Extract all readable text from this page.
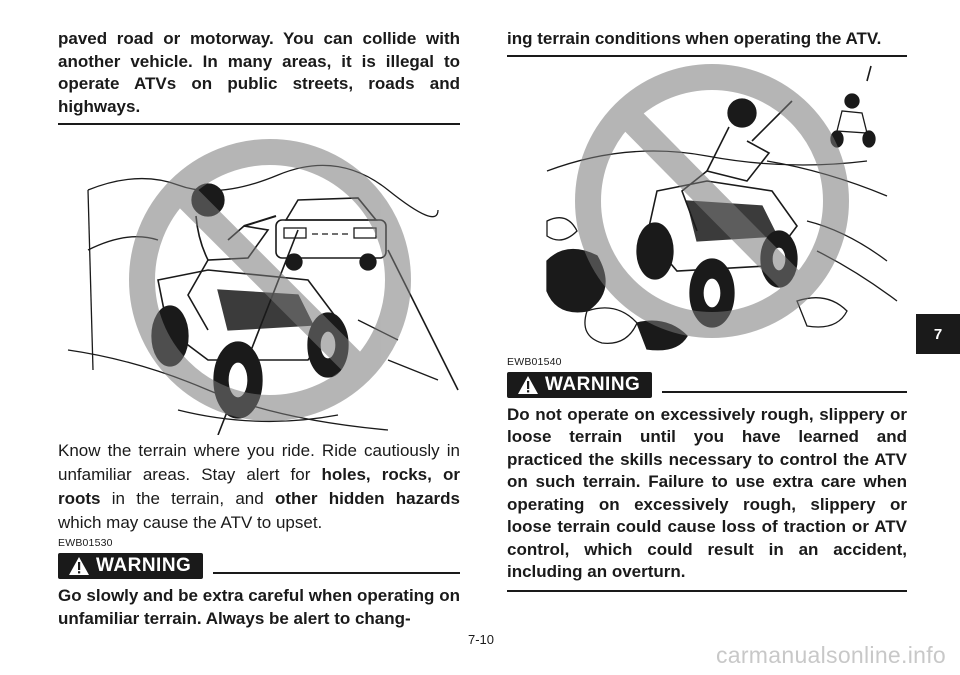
paved road or motorway. You can collide with another vehicle. In many areas, it is illegal to operate ATVs on public streets, roads and highways.

Know the terrain where you ride. Ride cautiously in unfamiliar areas. Stay alert for holes, rocks, or roots in the terrain, and other hidden hazards which may cause the ATV to upset.

EWB01530

WARNING

Go slowly and be extra careful when operating on unfamiliar terrain. Always be alert to chang-

ing terrain conditions when operating the ATV.

EWB01540

WARNING

Do not operate on excessively rough, slippery or loose terrain until you have learned and practiced the skills necessary to control the ATV on such terrain. Failure to use extra care when operating on excessively rough, slippery or loose terrain could cause loss of traction or ATV control, which could result in an accident, including an overturn.

7-10
7
carmanualsonline.info
